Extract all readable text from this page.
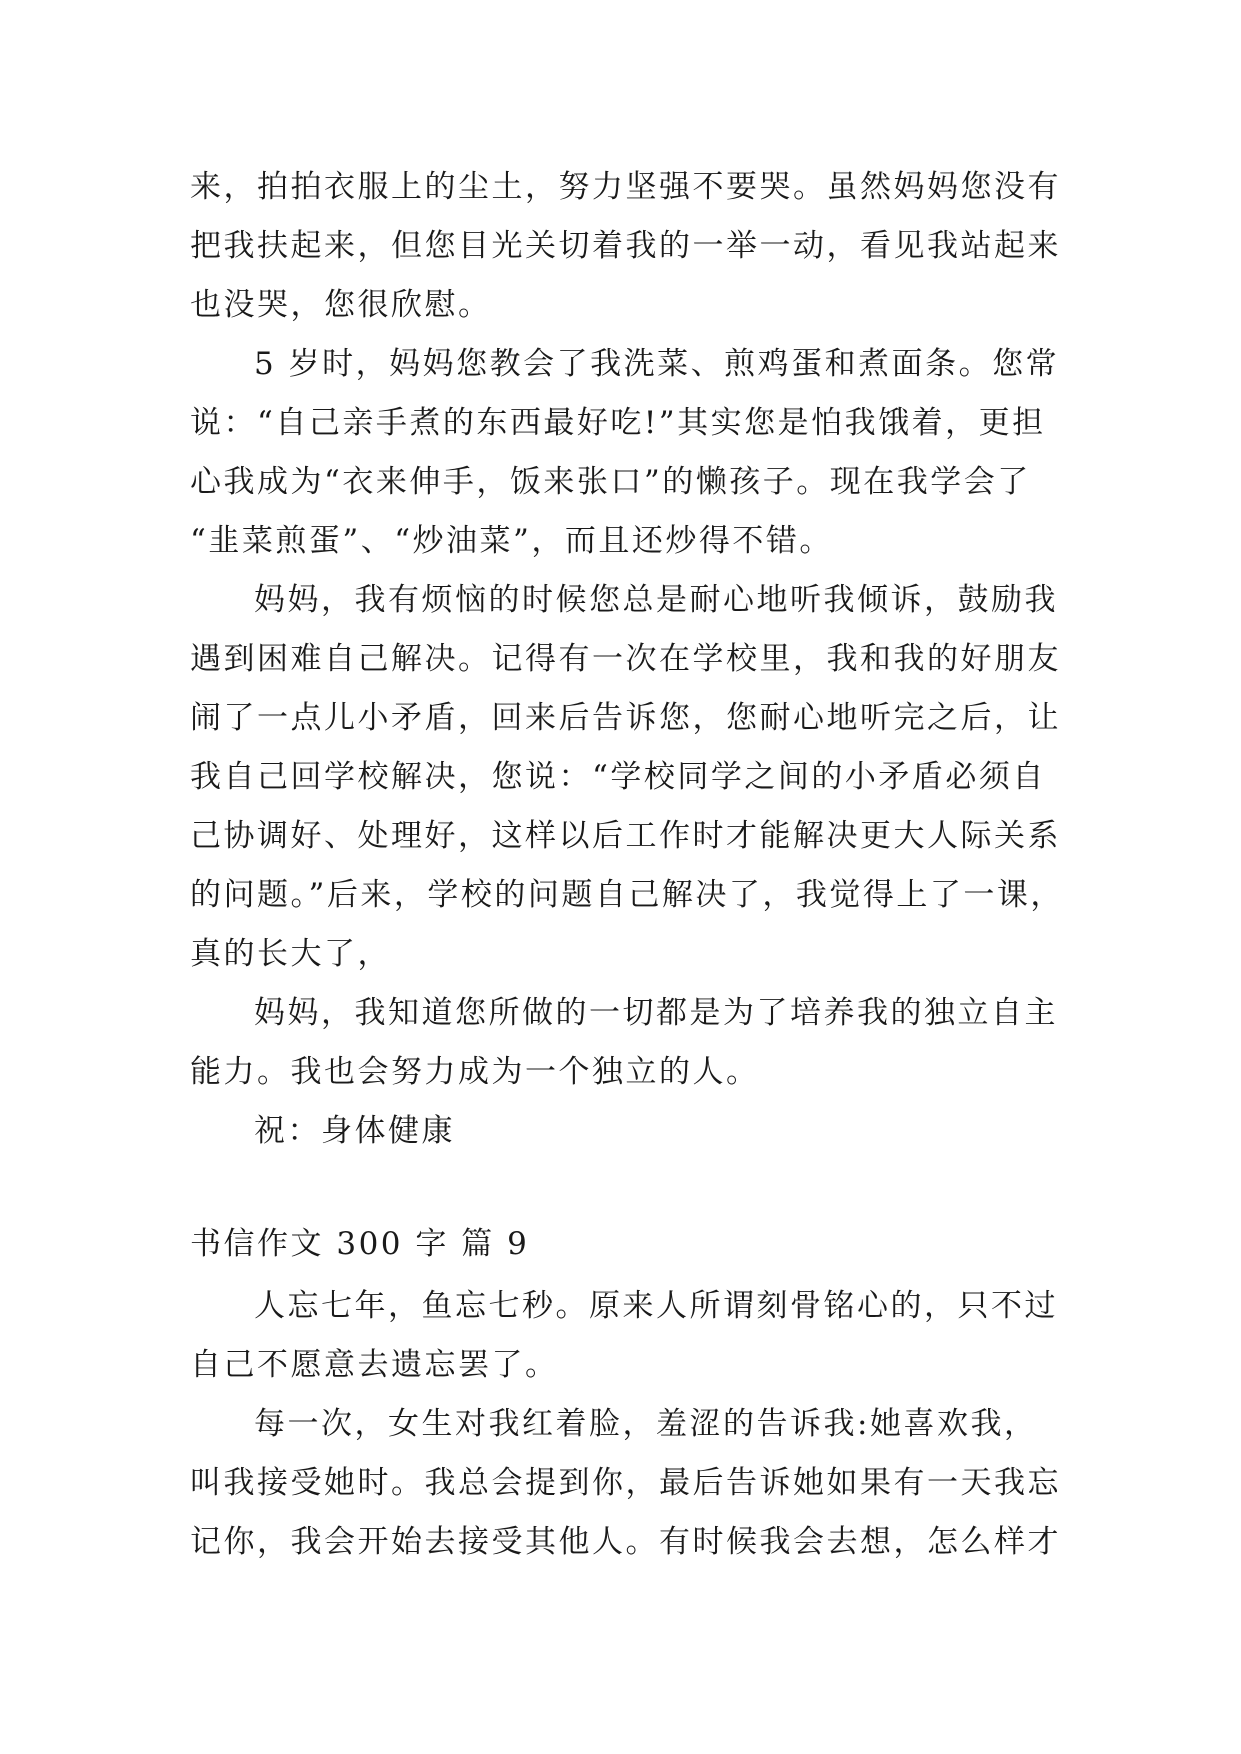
来，拍拍衣服上的尘土，努力坚强不要哭。虽然妈妈您没有
把我扶起来，但您目光关切着我的一举一动，看见我站起来
也没哭，您很欣慰。
5 岁时，妈妈您教会了我洗菜、煎鸡蛋和煮面条。您常
说：“自己亲手煮的东西最好吃!”其实您是怕我饿着，更担
心我成为“衣来伸手，饭来张口”的懒孩子。现在我学会了
“韭菜煎蛋”、“炒油菜”，而且还炒得不错。
妈妈，我有烦恼的时候您总是耐心地听我倾诉，鼓励我
遇到困难自己解决。记得有一次在学校里，我和我的好朋友
闹了一点儿小矛盾，回来后告诉您，您耐心地听完之后，让
我自己回学校解决，您说：“学校同学之间的小矛盾必须自
己协调好、处理好，这样以后工作时才能解决更大人际关系
的问题。”后来，学校的问题自己解决了，我觉得上了一课，
真的长大了，
妈妈，我知道您所做的一切都是为了培养我的独立自主
能力。我也会努力成为一个独立的人。
祝：身体健康
书信作文 300 字 篇 9
人忘七年，鱼忘七秒。原来人所谓刻骨铭心的，只不过
自己不愿意去遗忘罢了。
每一次，女生对我红着脸，羞涩的告诉我:她喜欢我，
叫我接受她时。我总会提到你，最后告诉她如果有一天我忘
记你，我会开始去接受其他人。有时候我会去想，怎么样才
